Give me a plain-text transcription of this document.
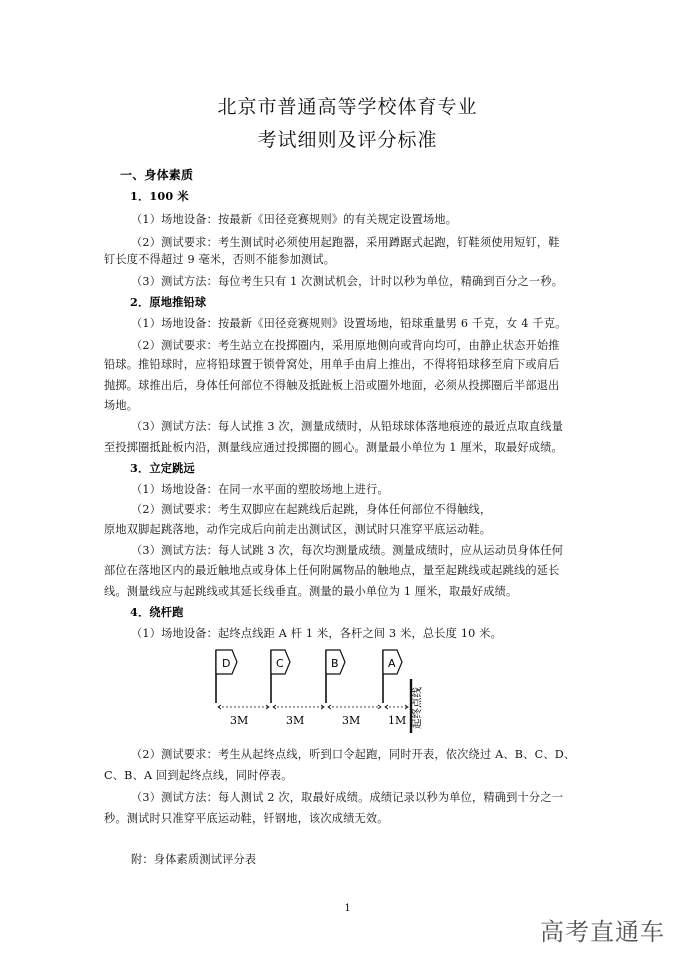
北京市普通高等学校体育专业
考试细则及评分标准
一、身体素质
1．100 米
（1）场地设备：按最新《田径竞赛规则》的有关规定设置场地。
（2）测试要求：考生测试时必须使用起跑器，采用蹲踞式起跑，钉鞋须使用短钉，鞋
钉长度不得超过 9 毫米，否则不能参加测试。
（3）测试方法：每位考生只有 1 次测试机会，计时以秒为单位，精确到百分之一秒。
2．原地推铅球
（1）场地设备：按最新《田径竞赛规则》设置场地，铅球重量男 6 千克，女 4 千克。
（2）测试要求：考生站立在投掷圈内，采用原地侧向或背向均可，由静止状态开始推
铅球。推铅球时，应将铅球置于锁骨窝处，用单手由肩上推出，不得将铅球移至肩下或肩后
抛掷。球推出后，身体任何部位不得触及抵趾板上沿或圈外地面，必须从投掷圈后半部退出
场地。
（3）测试方法：每人试推 3 次，测量成绩时，从铅球球体落地痕迹的最近点取直线量
至投掷圈抵趾板内沿，测量线应通过投掷圈的圆心。测量最小单位为 1 厘米，取最好成绩。
3．立定跳远
（1）场地设备：在同一水平面的塑胶场地上进行。
（2）测试要求：考生双脚应在起跳线后起跳，身体任何部位不得触线，
原地双脚起跳落地，动作完成后向前走出测试区，测试时只准穿平底运动鞋。
（3）测试方法：每人试跳 3 次，每次均测量成绩。测量成绩时，应从运动员身体任何
部位在落地区内的最近触地点或身体上任何附属物品的触地点，量至起跳线或起跳线的延长
线。测量线应与起跳线或其延长线垂直。测量的最小单位为 1 厘米，取最好成绩。
4．绕杆跑
（1）场地设备：起终点线距 A 杆 1 米，各杆之间 3 米，总长度 10 米。
D	C	B	A
3M	3M	3M	1M 起终点线
（2）测试要求：考生从起终点线，听到口令起跑，同时开表，依次绕过 A、B、C、D、
C、B、A 回到起终点线，同时停表。
（3）测试方法：每人测试 2 次，取最好成绩。成绩记录以秒为单位，精确到十分之一
秒。测试时只准穿平底运动鞋，钎钢地，该次成绩无效。
附：身体素质测试评分表
1
高考直通车
